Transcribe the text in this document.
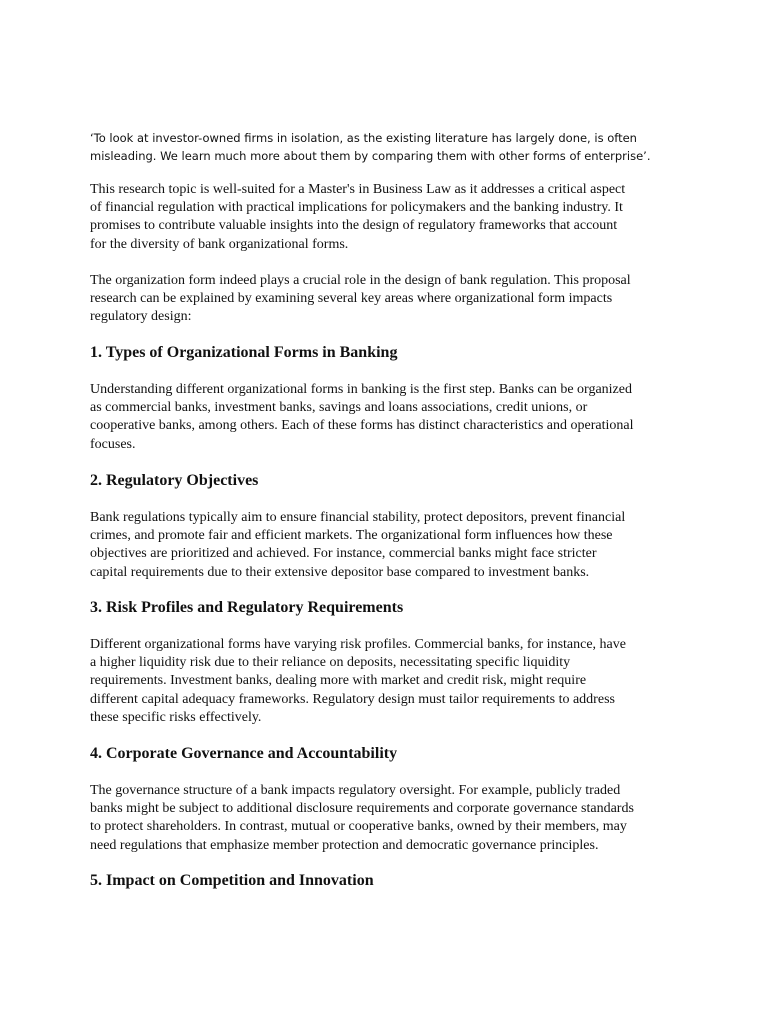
‘To look at investor-owned firms in isolation, as the existing literature has largely done, is often
misleading. We learn much more about them by comparing them with other forms of enterprise’.

This research topic is well-suited for a Master's in Business Law as it addresses a critical aspect
of financial regulation with practical implications for policymakers and the banking industry. It
promises to contribute valuable insights into the design of regulatory frameworks that account
for the diversity of bank organizational forms.

The organization form indeed plays a crucial role in the design of bank regulation. This proposal
research can be explained by examining several key areas where organizational form impacts
regulatory design:

1. Types of Organizational Forms in Banking

Understanding different organizational forms in banking is the first step. Banks can be organized
as commercial banks, investment banks, savings and loans associations, credit unions, or
cooperative banks, among others. Each of these forms has distinct characteristics and operational
focuses.

2. Regulatory Objectives

Bank regulations typically aim to ensure financial stability, protect depositors, prevent financial
crimes, and promote fair and efficient markets. The organizational form influences how these
objectives are prioritized and achieved. For instance, commercial banks might face stricter
capital requirements due to their extensive depositor base compared to investment banks.

3. Risk Profiles and Regulatory Requirements

Different organizational forms have varying risk profiles. Commercial banks, for instance, have
a higher liquidity risk due to their reliance on deposits, necessitating specific liquidity
requirements. Investment banks, dealing more with market and credit risk, might require
different capital adequacy frameworks. Regulatory design must tailor requirements to address
these specific risks effectively.

4. Corporate Governance and Accountability

The governance structure of a bank impacts regulatory oversight. For example, publicly traded
banks might be subject to additional disclosure requirements and corporate governance standards
to protect shareholders. In contrast, mutual or cooperative banks, owned by their members, may
need regulations that emphasize member protection and democratic governance principles.

5. Impact on Competition and Innovation
